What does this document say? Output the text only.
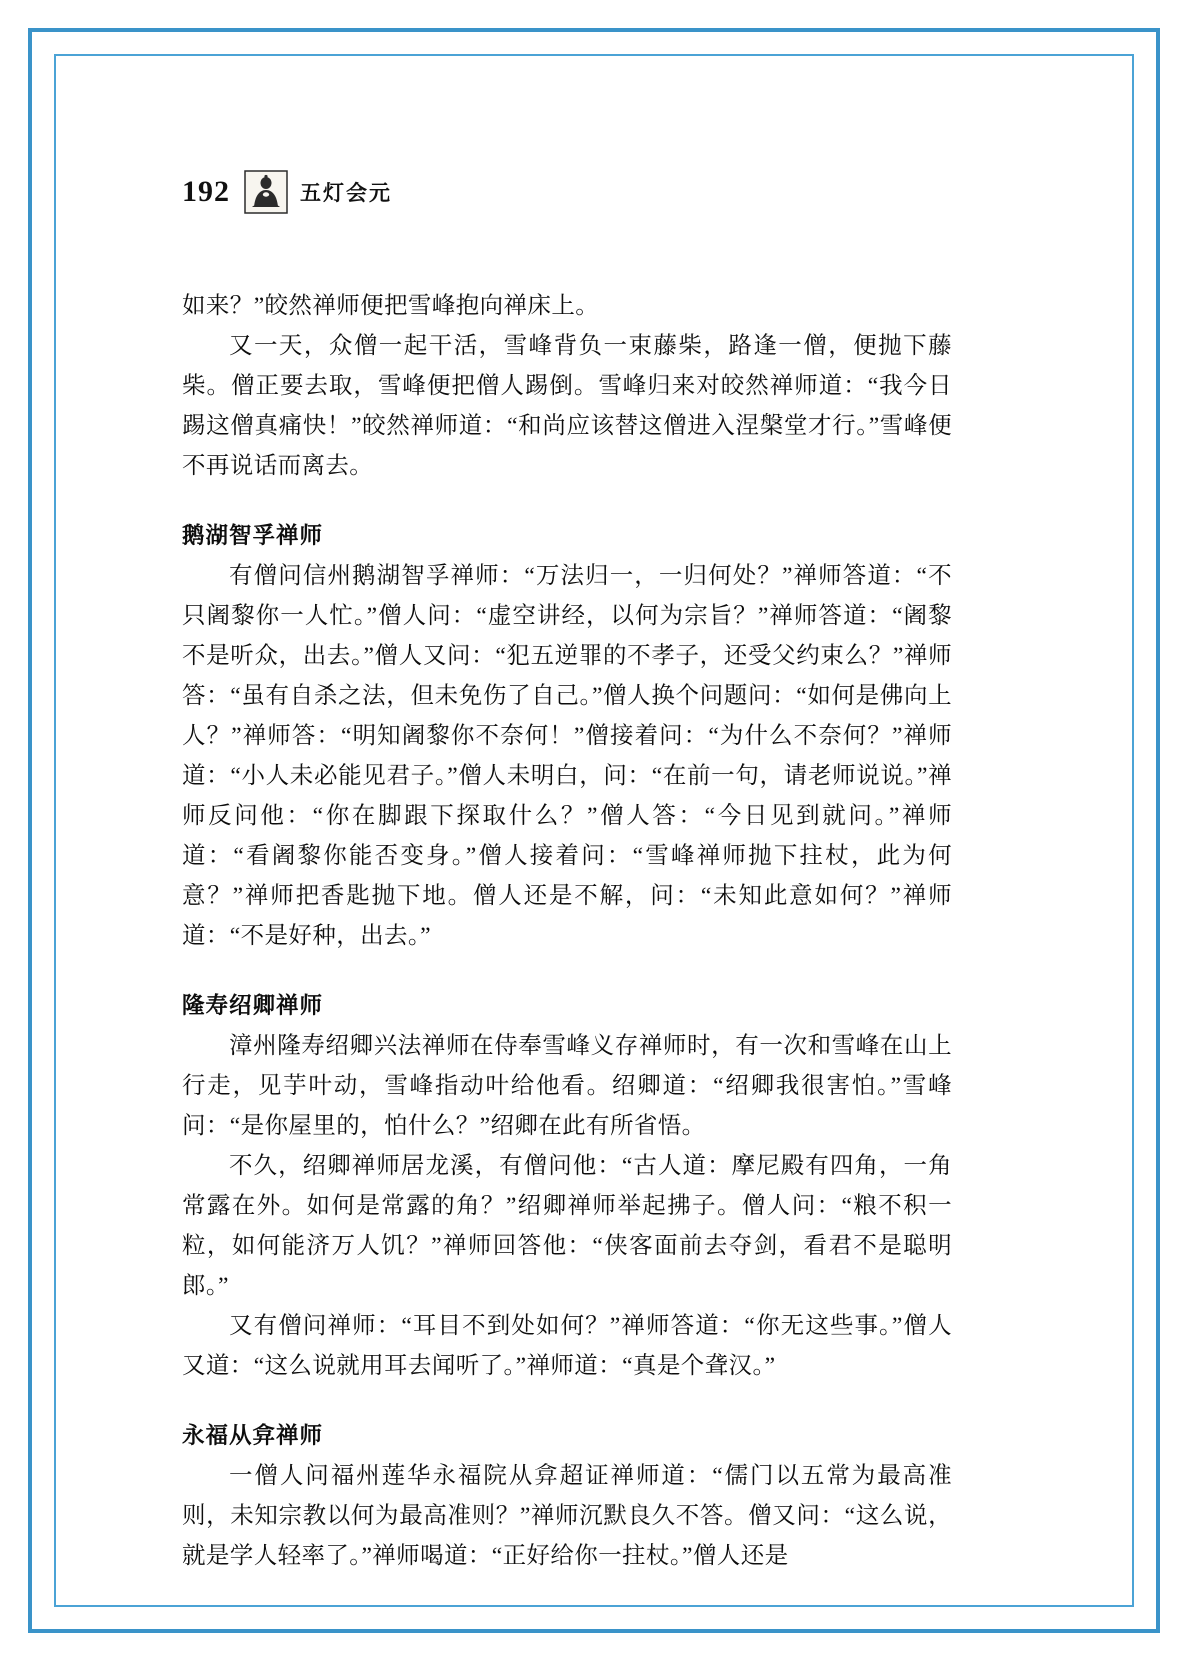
192	五灯会元

如来？”皎然禅师便把雪峰抱向禅床上。

又一天，众僧一起干活，雪峰背负一束藤柴，路逢一僧，便抛下藤柴。僧正要去取，雪峰便把僧人踢倒。雪峰归来对皎然禅师道：“我今日踢这僧真痛快！”皎然禅师道：“和尚应该替这僧进入涅槃堂才行。”雪峰便不再说话而离去。

鹅湖智孚禅师

有僧问信州鹅湖智孚禅师：“万法归一，一归何处？”禅师答道：“不只阇黎你一人忙。”僧人问：“虚空讲经，以何为宗旨？”禅师答道：“阇黎不是听众，出去。”僧人又问：“犯五逆罪的不孝子，还受父约束么？”禅师答：“虽有自杀之法，但未免伤了自己。”僧人换个问题问：“如何是佛向上人？”禅师答：“明知阇黎你不奈何！”僧接着问：“为什么不奈何？”禅师道：“小人未必能见君子。”僧人未明白，问：“在前一句，请老师说说。”禅师反问他：“你在脚跟下探取什么？”僧人答：“今日见到就问。”禅师道：“看阇黎你能否变身。”僧人接着问：“雪峰禅师抛下拄杖，此为何意？”禅师把香匙抛下地。僧人还是不解，问：“未知此意如何？”禅师道：“不是好种，出去。”

隆寿绍卿禅师

漳州隆寿绍卿兴法禅师在侍奉雪峰义存禅师时，有一次和雪峰在山上行走，见芋叶动，雪峰指动叶给他看。绍卿道：“绍卿我很害怕。”雪峰问：“是你屋里的，怕什么？”绍卿在此有所省悟。

不久，绍卿禅师居龙溪，有僧问他：“古人道：摩尼殿有四角，一角常露在外。如何是常露的角？”绍卿禅师举起拂子。僧人问：“粮不积一粒，如何能济万人饥？”禅师回答他：“侠客面前去夺剑，看君不是聪明郎。”

又有僧问禅师：“耳目不到处如何？”禅师答道：“你无这些事。”僧人又道：“这么说就用耳去闻听了。”禅师道：“真是个聋汉。”

永福从弇禅师

一僧人问福州莲华永福院从弇超证禅师道：“儒门以五常为最高准则，未知宗教以何为最高准则？”禅师沉默良久不答。僧又问：“这么说，就是学人轻率了。”禅师喝道：“正好给你一拄杖。”僧人还是
